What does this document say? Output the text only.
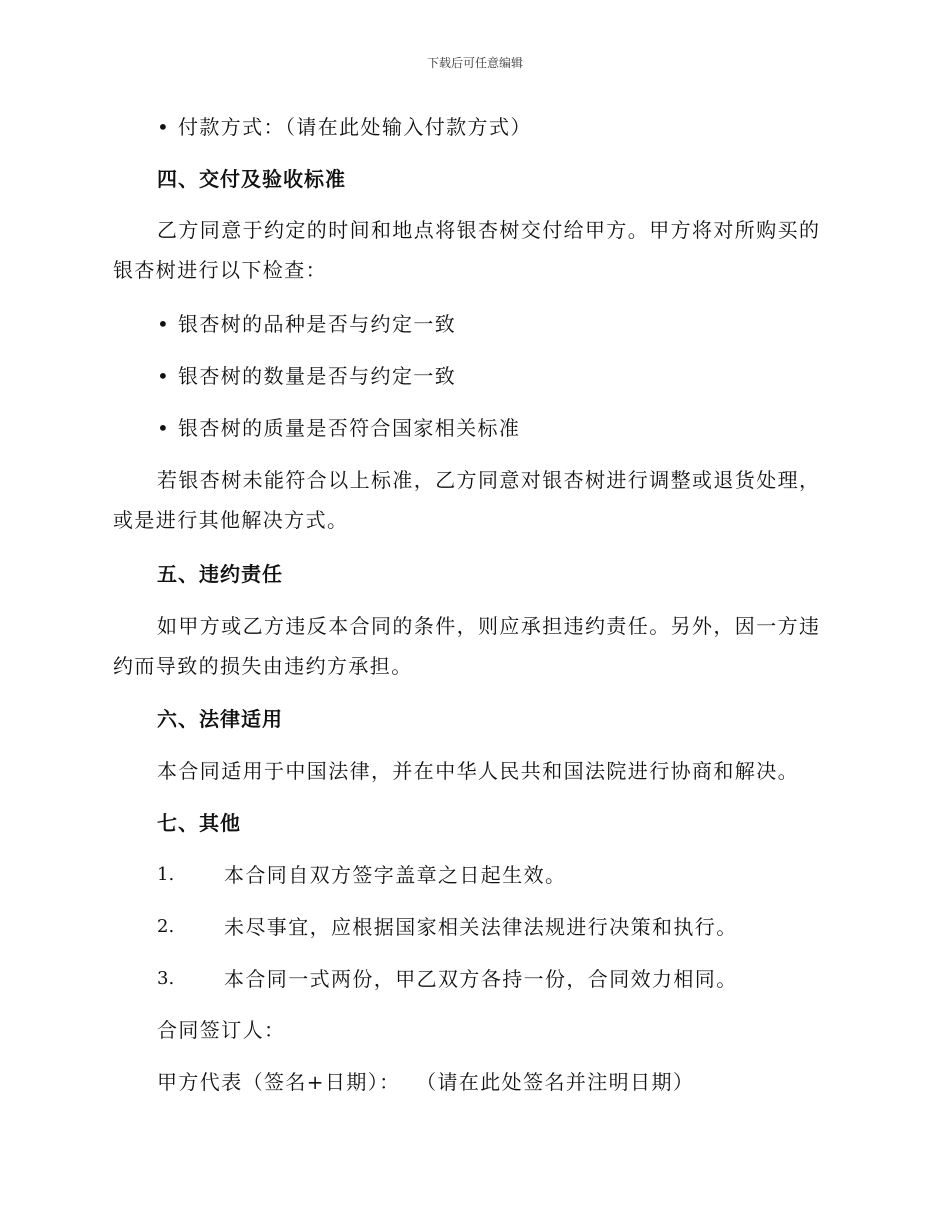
下载后可任意编辑
• 付款方式：（请在此处输入付款方式）
四、交付及验收标准
乙方同意于约定的时间和地点将银杏树交付给甲方。甲方将对所购买的
银杏树进行以下检查：
• 银杏树的品种是否与约定一致
• 银杏树的数量是否与约定一致
• 银杏树的质量是否符合国家相关标准
若银杏树未能符合以上标准，乙方同意对银杏树进行调整或退货处理，
或是进行其他解决方式。
五、违约责任
如甲方或乙方违反本合同的条件，则应承担违约责任。另外，因一方违
约而导致的损失由违约方承担。
六、法律适用
本合同适用于中国法律，并在中华人民共和国法院进行协商和解决。
七、其他
1. 本合同自双方签字盖章之日起生效。
2. 未尽事宜，应根据国家相关法律法规进行决策和执行。
3. 本合同一式两份，甲乙双方各持一份，合同效力相同。
合同签订人：
甲方代表（签名+日期）：  （请在此处签名并注明日期）
